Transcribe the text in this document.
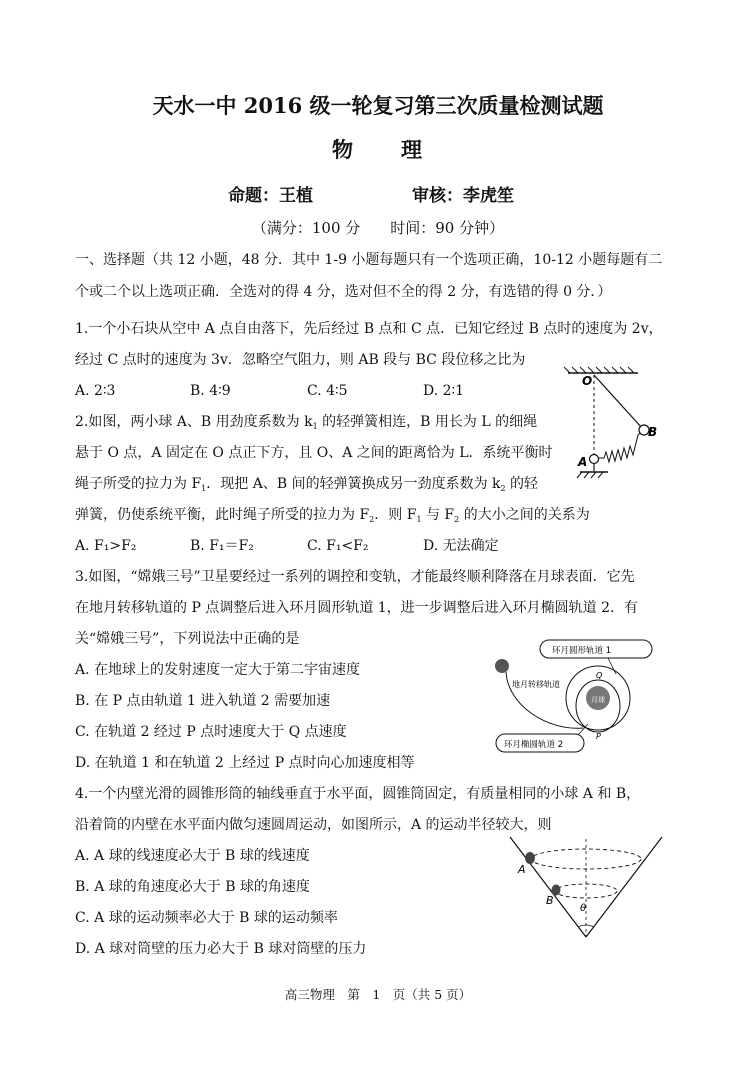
天水一中 2016 级一轮复习第三次质量检测试题
物　　理
命题：王植	审核：李虎笙
（满分：100 分　　时间：90 分钟）
一、选择题（共 12 小题，48 分．其中 1-9 小题每题只有一个选项正确，10-12 小题每题有二
个或二个以上选项正确．全选对的得 4 分，选对但不全的得 2 分，有选错的得 0 分．）
1.一个小石块从空中 A 点自由落下，先后经过 B 点和 C 点．已知它经过 B 点时的速度为 2v，
经过 C 点时的速度为 3v．忽略空气阻力，则 AB 段与 BC 段位移之比为
A. 2∶3	B. 4∶9	C. 4∶5	D. 2∶1
2.如图，两小球 A、B 用劲度系数为 $k_1$ 的轻弹簧相连，B 用长为 L 的细绳
悬于 O 点，A 固定在 O 点正下方，且 O、A 之间的距离恰为 L．系统平衡时
绳子所受的拉力为 $F_1$．现把 A、B 间的轻弹簧换成另一劲度系数为 $k_2$ 的轻
弹簧，仍使系统平衡，此时绳子所受的拉力为 $F_2$．则 $F_1$ 与 $F_2$ 的大小之间的关系为
A. F₁>F₂	B. F₁＝F₂	C. F₁<F₂	D. 无法确定
O
B
A
3.如图，“嫦娥三号”卫星要经过一系列的调控和变轨，才能最终顺利降落在月球表面．它先
在地月转移轨道的 P 点调整后进入环月圆形轨道 1，进一步调整后进入环月椭圆轨道 2．有
关“嫦娥三号”，下列说法中正确的是
A. 在地球上的发射速度一定大于第二宇宙速度
B. 在 P 点由轨道 1 进入轨道 2 需要加速
C. 在轨道 2 经过 P 点时速度大于 Q 点速度
D. 在轨道 1 和在轨道 2 上经过 P 点时向心加速度相等
月球
环月圆形轨道 1
地月转移轨道
Q
P
环月椭圆轨道 2
4.一个内壁光滑的圆锥形筒的轴线垂直于水平面，圆锥筒固定，有质量相同的小球 A 和 B，
沿着筒的内壁在水平面内做匀速圆周运动，如图所示，A 的运动半径较大，则
A. A 球的线速度必大于 B 球的线速度
B. A 球的角速度必大于 B 球的角速度
C. A 球的运动频率必大于 B 球的运动频率
D. A 球对筒壁的压力必大于 B 球对筒壁的压力
A
B
θ
高三物理　第　1　页（共 5 页）
